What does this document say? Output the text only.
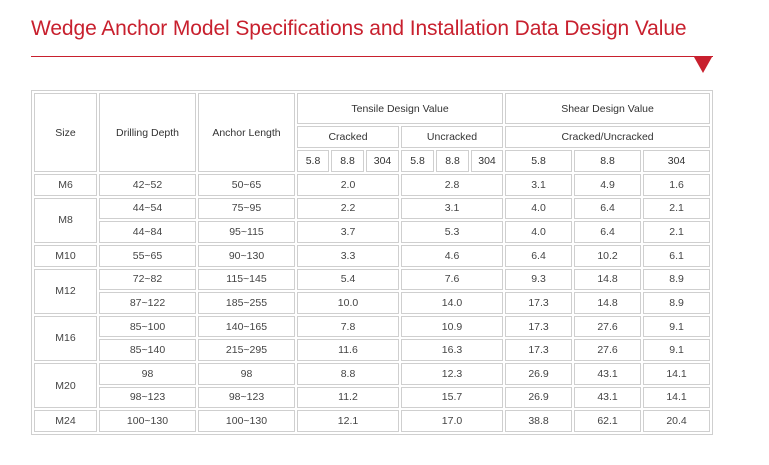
Wedge Anchor Model Specifications and Installation Data Design Value
Size	Drilling Depth	Anchor Length	Tensile Design Value						Shear Design Value		
			Cracked			Uncracked			Cracked/Uncracked		
			5.8	8.8	304	5.8	8.8	304	5.8	8.8	304
M6	42~52	50~65	2.0			2.8			3.1	4.9	1.6
M8	44~54	75~95	2.2			3.1			4.0	6.4	2.1
	44~84	95~115	3.7			5.3			4.0	6.4	2.1
M10	55~65	90~130	3.3			4.6			6.4	10.2	6.1
M12	72~82	115~145	5.4			7.6			9.3	14.8	8.9
	87~122	185~255	10.0			14.0			17.3	14.8	8.9
M16	85~100	140~165	7.8			10.9			17.3	27.6	9.1
	85~140	215~295	11.6			16.3			17.3	27.6	9.1
M20	98	98	8.8			12.3			26.9	43.1	14.1
	98~123	98~123	11.2			15.7			26.9	43.1	14.1
M24	100~130	100~130	12.1			17.0			38.8	62.1	20.4
